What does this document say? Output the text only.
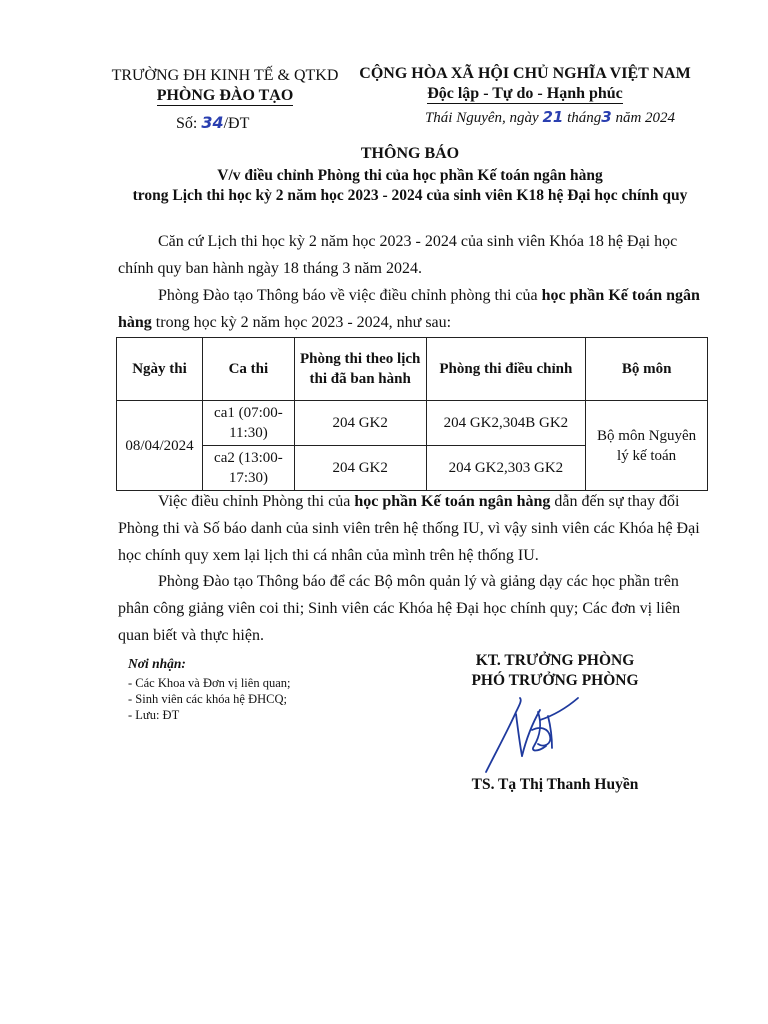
TRƯỜNG ĐH KINH TẾ & QTKD
PHÒNG ĐÀO TẠO
CỘNG HÒA XÃ HỘI CHỦ NGHĨA VIỆT NAM
Độc lập - Tự do - Hạnh phúc
Số: 34/ĐT	Thái Nguyên, ngày 21 tháng3 năm 2024
THÔNG BÁO
V/v điều chỉnh Phòng thi của học phần Kế toán ngân hàng
trong Lịch thi học kỳ 2 năm học 2023 - 2024 của sinh viên K18 hệ Đại học chính quy
Căn cứ Lịch thi học kỳ 2 năm học 2023 - 2024 của sinh viên Khóa 18 hệ Đại học chính quy ban hành ngày 18 tháng 3 năm 2024.
Phòng Đào tạo Thông báo về việc điều chỉnh phòng thi của học phần Kế toán ngân hàng trong học kỳ 2 năm học 2023 - 2024, như sau:
Ngày thi	Ca thi	Phòng thi theo lịch thi đã ban hành	Phòng thi điều chỉnh	Bộ môn
08/04/2024	ca1 (07:00-11:30)	204 GK2	204 GK2,304B GK2	Bộ môn Nguyên lý kế toán
	ca2 (13:00-17:30)	204 GK2	204 GK2,303 GK2	
Việc điều chỉnh Phòng thi của học phần Kế toán ngân hàng dẫn đến sự thay đổi Phòng thi và Số báo danh của sinh viên trên hệ thống IU, vì vậy sinh viên các Khóa hệ Đại học chính quy xem lại lịch thi cá nhân của mình trên hệ thống IU.
Phòng Đào tạo Thông báo để các Bộ môn quản lý và giảng dạy các học phần trên phân công giảng viên coi thi; Sinh viên các Khóa hệ Đại học chính quy; Các đơn vị liên quan biết và thực hiện.
Nơi nhận:
- Các Khoa và Đơn vị liên quan;
- Sinh viên các khóa hệ ĐHCQ;
- Lưu: ĐT
KT. TRƯỞNG PHÒNG
PHÓ TRƯỞNG PHÒNG
TS. Tạ Thị Thanh Huyền
